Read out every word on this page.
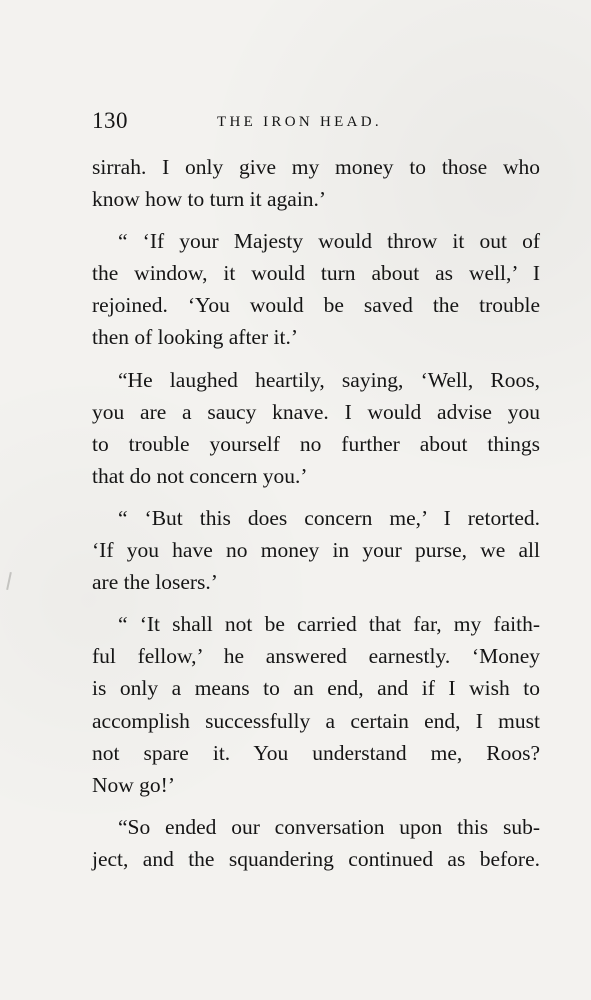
130	THE IRON HEAD.

sirrah. I only give my money to those who
know how to turn it again.’

“ ‘If your Majesty would throw it out of
the window, it would turn about as well,’ I
rejoined. ‘You would be saved the trouble
then of looking after it.’

“He laughed heartily, saying, ‘Well, Roos,
you are a saucy knave. I would advise you
to trouble yourself no further about things
that do not concern you.’

“ ‘But this does concern me,’ I retorted.
‘If you have no money in your purse, we all
are the losers.’

“ ‘It shall not be carried that far, my faith-
ful fellow,’ he answered earnestly. ‘Money
is only a means to an end, and if I wish to
accomplish successfully a certain end, I must
not spare it. You understand me, Roos?
Now go!’

“So ended our conversation upon this sub-
ject, and the squandering continued as before.
